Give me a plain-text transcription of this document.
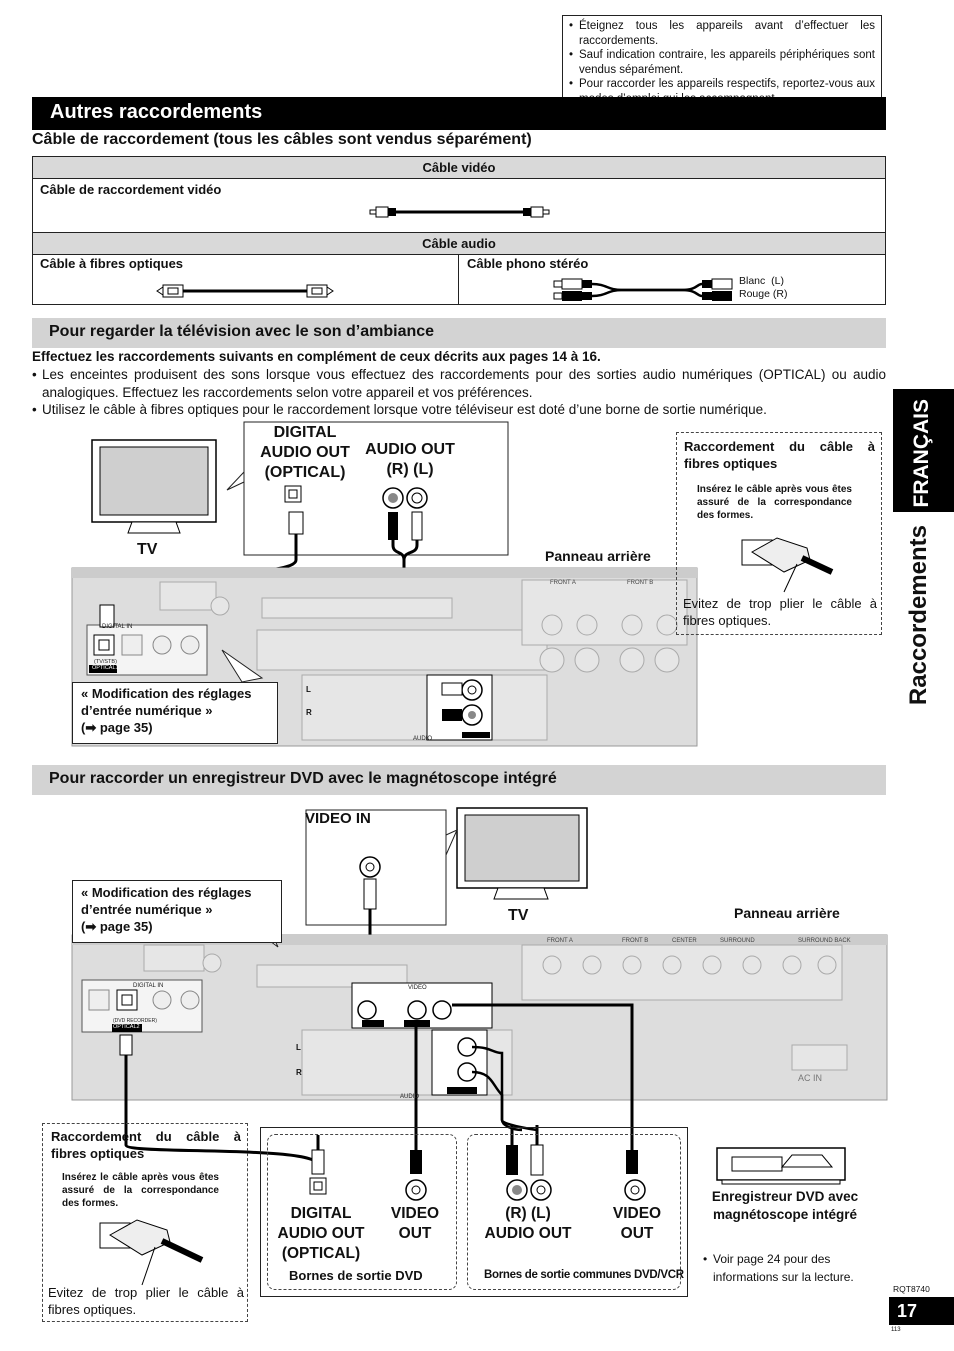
• Éteignez tous les appareils avant d’effectuer les raccordements.
• Sauf indication contraire, les appareils périphériques sont vendus séparément.
• Pour raccorder les appareils respectifs, reportez-vous aux
Autres raccordements
Câble de raccordement (tous les câbles sont vendus séparément)
Câble vidéo
Câble de raccordement vidéo
Câble audio
Câble à fibres optiques	Câble phono stéréo
Blanc (L)
Rouge (R)
Pour regarder la télévision avec le son d’ambiance
Effectuez les raccordements suivants en complément de ceux décrits aux pages 14 à 16.
• Les enceintes produisent des sons lorsque vous effectuez des raccordements pour des sorties audio numériques (OPTICAL) ou audio analogiques. Effectuez les raccordements selon votre appareil et vos préférences.
• Utilisez le câble à fibres optiques pour le raccordement lorsque votre téléviseur est doté d’une borne de sortie numérique.	FRANÇAIS
Raccordements
DIGITAL
AUDIO OUT
(OPTICAL)
AUDIO OUT
(R) (L)
TV	Panneau arrière
DIGITAL IN
(TV/STB)
OPTICAL1
AUDIO
FRONT A	FRONT B
L
R
« Modification des réglages
d’entrée numérique »
(➡ page 35)
Raccordement du câble à fibres optiques
Insérez le câble après vous êtes assuré de la correspondance des formes.
Evitez de trop plier le câble à fibres optiques.
Pour raccorder un enregistreur DVD avec le magnétoscope intégré
VIDEO IN
TV	Panneau arrière
« Modification des réglages
d’entrée numérique »
(➡ page 35)
DIGITAL IN
(DVD RECORDER)
OPTICAL2
VIDEO
VCR
AUDIO
FRONT A	FRONT B	CENTER	SURROUND	SURROUND BACK
AC IN
L
R
Raccordement du câble à fibres optiques
Insérez le câble après vous êtes assuré de la correspondance des formes.
Evitez de trop plier le câble à fibres optiques.
DIGITAL
AUDIO OUT
(OPTICAL)
VIDEO
OUT
(R) (L)
AUDIO OUT
VIDEO
OUT
Bornes de sortie DVD	Bornes de sortie communes DVD/VCR
Enregistreur DVD avec
magnétoscope intégré
• Voir page 24 pour des informations sur la lecture.
RQT8740
17
113
